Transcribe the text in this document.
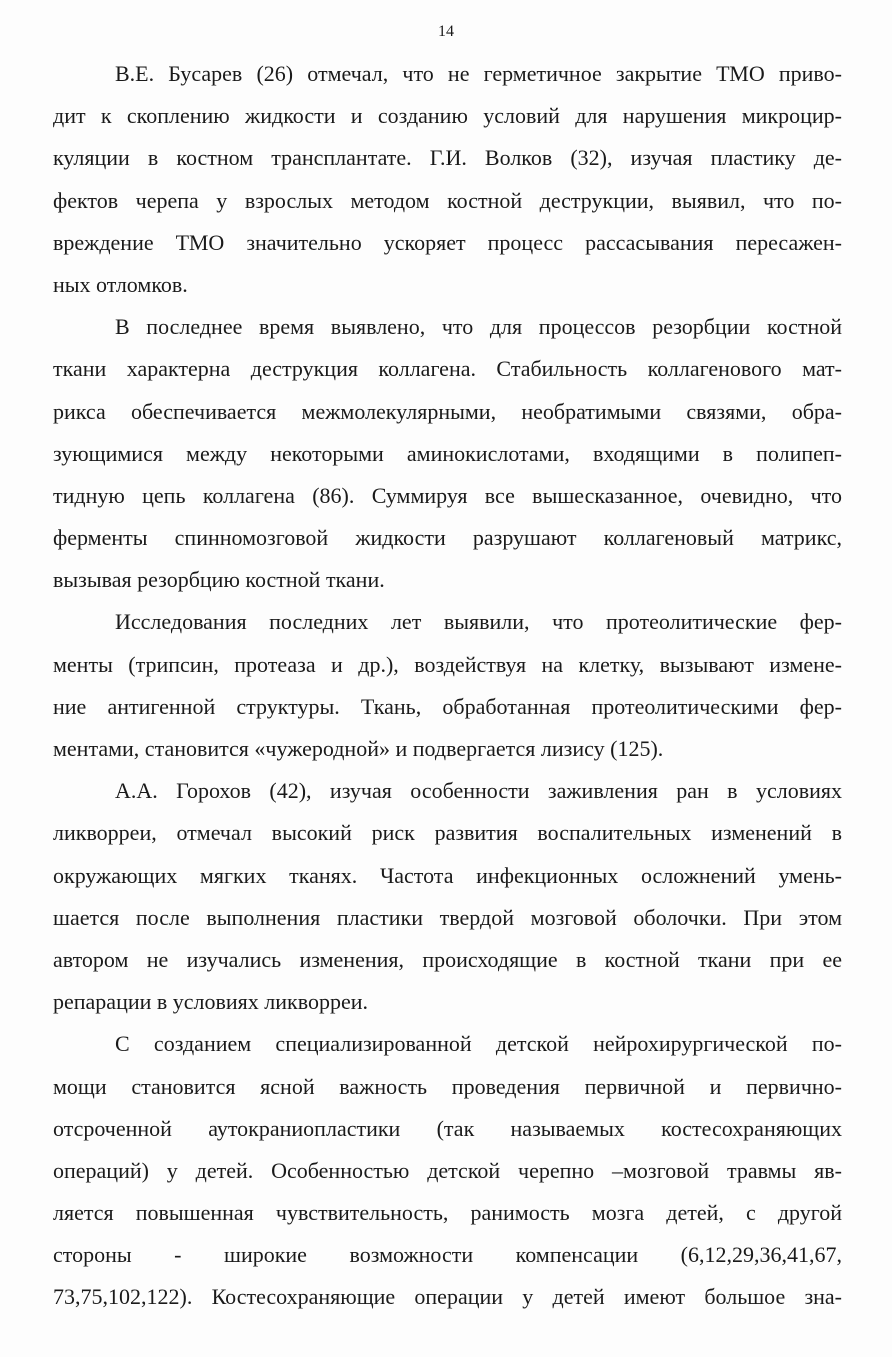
14
В.Е. Бусарев (26) отмечал, что не герметичное закрытие ТМО приво-
дит к скоплению жидкости и созданию условий для нарушения микроцир-
куляции в костном трансплантате. Г.И. Волков (32), изучая пластику де-
фектов черепа у взрослых методом костной деструкции, выявил, что по-
вреждение ТМО значительно ускоряет процесс рассасывания пересажен-
ных отломков.
В последнее время выявлено, что для процессов резорбции костной
ткани характерна деструкция коллагена. Стабильность коллагенового мат-
рикса обеспечивается межмолекулярными, необратимыми связями, обра-
зующимися между некоторыми аминокислотами, входящими в полипеп-
тидную цепь коллагена (86). Суммируя все вышесказанное, очевидно, что
ферменты спинномозговой жидкости разрушают коллагеновый матрикс,
вызывая резорбцию костной ткани.
Исследования последних лет выявили, что протеолитические фер-
менты (трипсин, протеаза и др.), воздействуя на клетку, вызывают измене-
ние антигенной структуры. Ткань, обработанная протеолитическими фер-
ментами, становится «чужеродной» и подвергается лизису (125).
А.А. Горохов (42), изучая особенности заживления ран в условиях
ликворреи, отмечал высокий риск развития воспалительных изменений в
окружающих мягких тканях. Частота инфекционных осложнений умень-
шается после выполнения пластики твердой мозговой оболочки. При этом
автором не изучались изменения, происходящие в костной ткани при ее
репарации в условиях ликворреи.
С созданием специализированной детской нейрохирургической по-
мощи становится ясной важность проведения первичной и первично-
отсроченной аутокраниопластики (так называемых костесохраняющих
операций) у детей. Особенностью детской черепно –мозговой травмы яв-
ляется повышенная чувствительность, ранимость мозга детей, с другой
стороны - широкие возможности компенсации (6,12,29,36,41,67,
73,75,102,122). Костесохраняющие операции у детей имеют большое зна-
